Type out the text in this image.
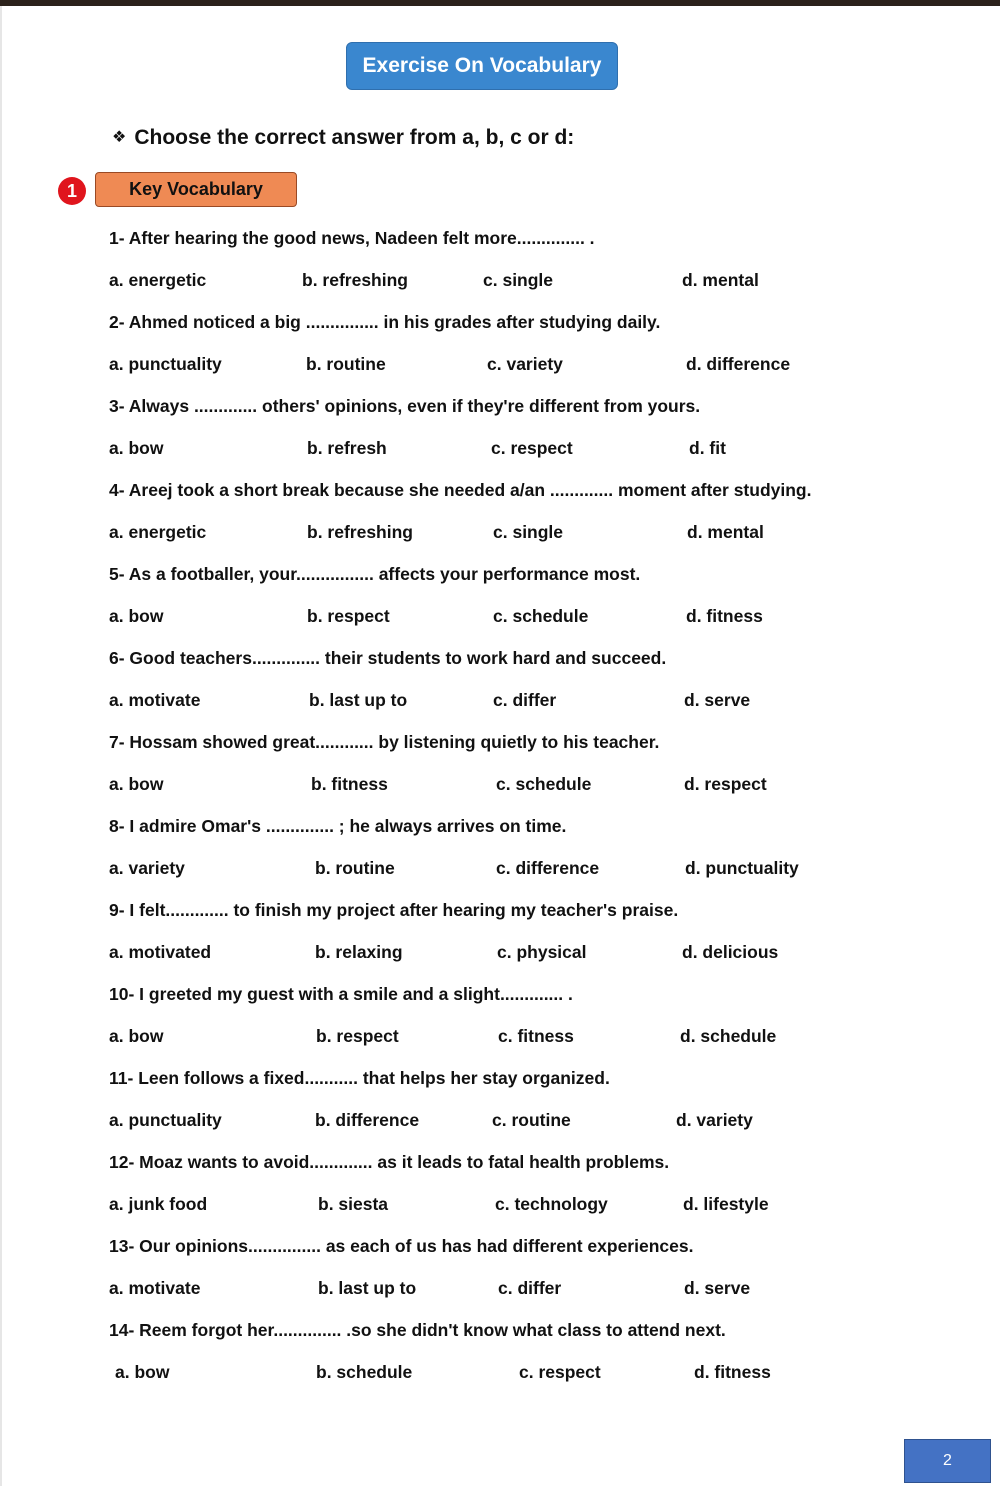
Exercise On Vocabulary
❖ Choose the correct answer from a, b, c or d:
1	Key Vocabulary
1- After hearing the good news, Nadeen felt more.............. .
a. energetic	b. refreshing	c. single	d. mental
2- Ahmed noticed a big ............... in his grades after studying daily.
a. punctuality	b. routine	c. variety	d. difference
3- Always ............. others' opinions, even if they're different from yours.
a. bow	b. refresh	c. respect	d. fit
4- Areej took a short break because she needed a/an ............. moment after studying.
a. energetic	b. refreshing	c. single	d. mental
5- As a footballer, your................ affects your performance most.
a. bow	b. respect	c. schedule	d. fitness
6- Good teachers.............. their students to work hard and succeed.
a. motivate	b. last up to	c. differ	d. serve
7- Hossam showed great............ by listening quietly to his teacher.
a. bow	b. fitness	c. schedule	d. respect
8- I admire Omar's .............. ; he always arrives on time.
a. variety	b. routine	c. difference	d. punctuality
9- I felt............. to finish my project after hearing my teacher's praise.
a. motivated	b. relaxing	c. physical	d. delicious
10- I greeted my guest with a smile and a slight............. .
a. bow	b. respect	c. fitness	d. schedule
11- Leen follows a fixed........... that helps her stay organized.
a. punctuality	b. difference	c. routine	d. variety
12- Moaz wants to avoid............. as it leads to fatal health problems.
a. junk food	b. siesta	c. technology	d. lifestyle
13- Our opinions............... as each of us has had different experiences.
a. motivate	b. last up to	c. differ	d. serve
14- Reem forgot her.............. .so she didn't know what class to attend next.
a. bow	b. schedule	c. respect	d. fitness
2
